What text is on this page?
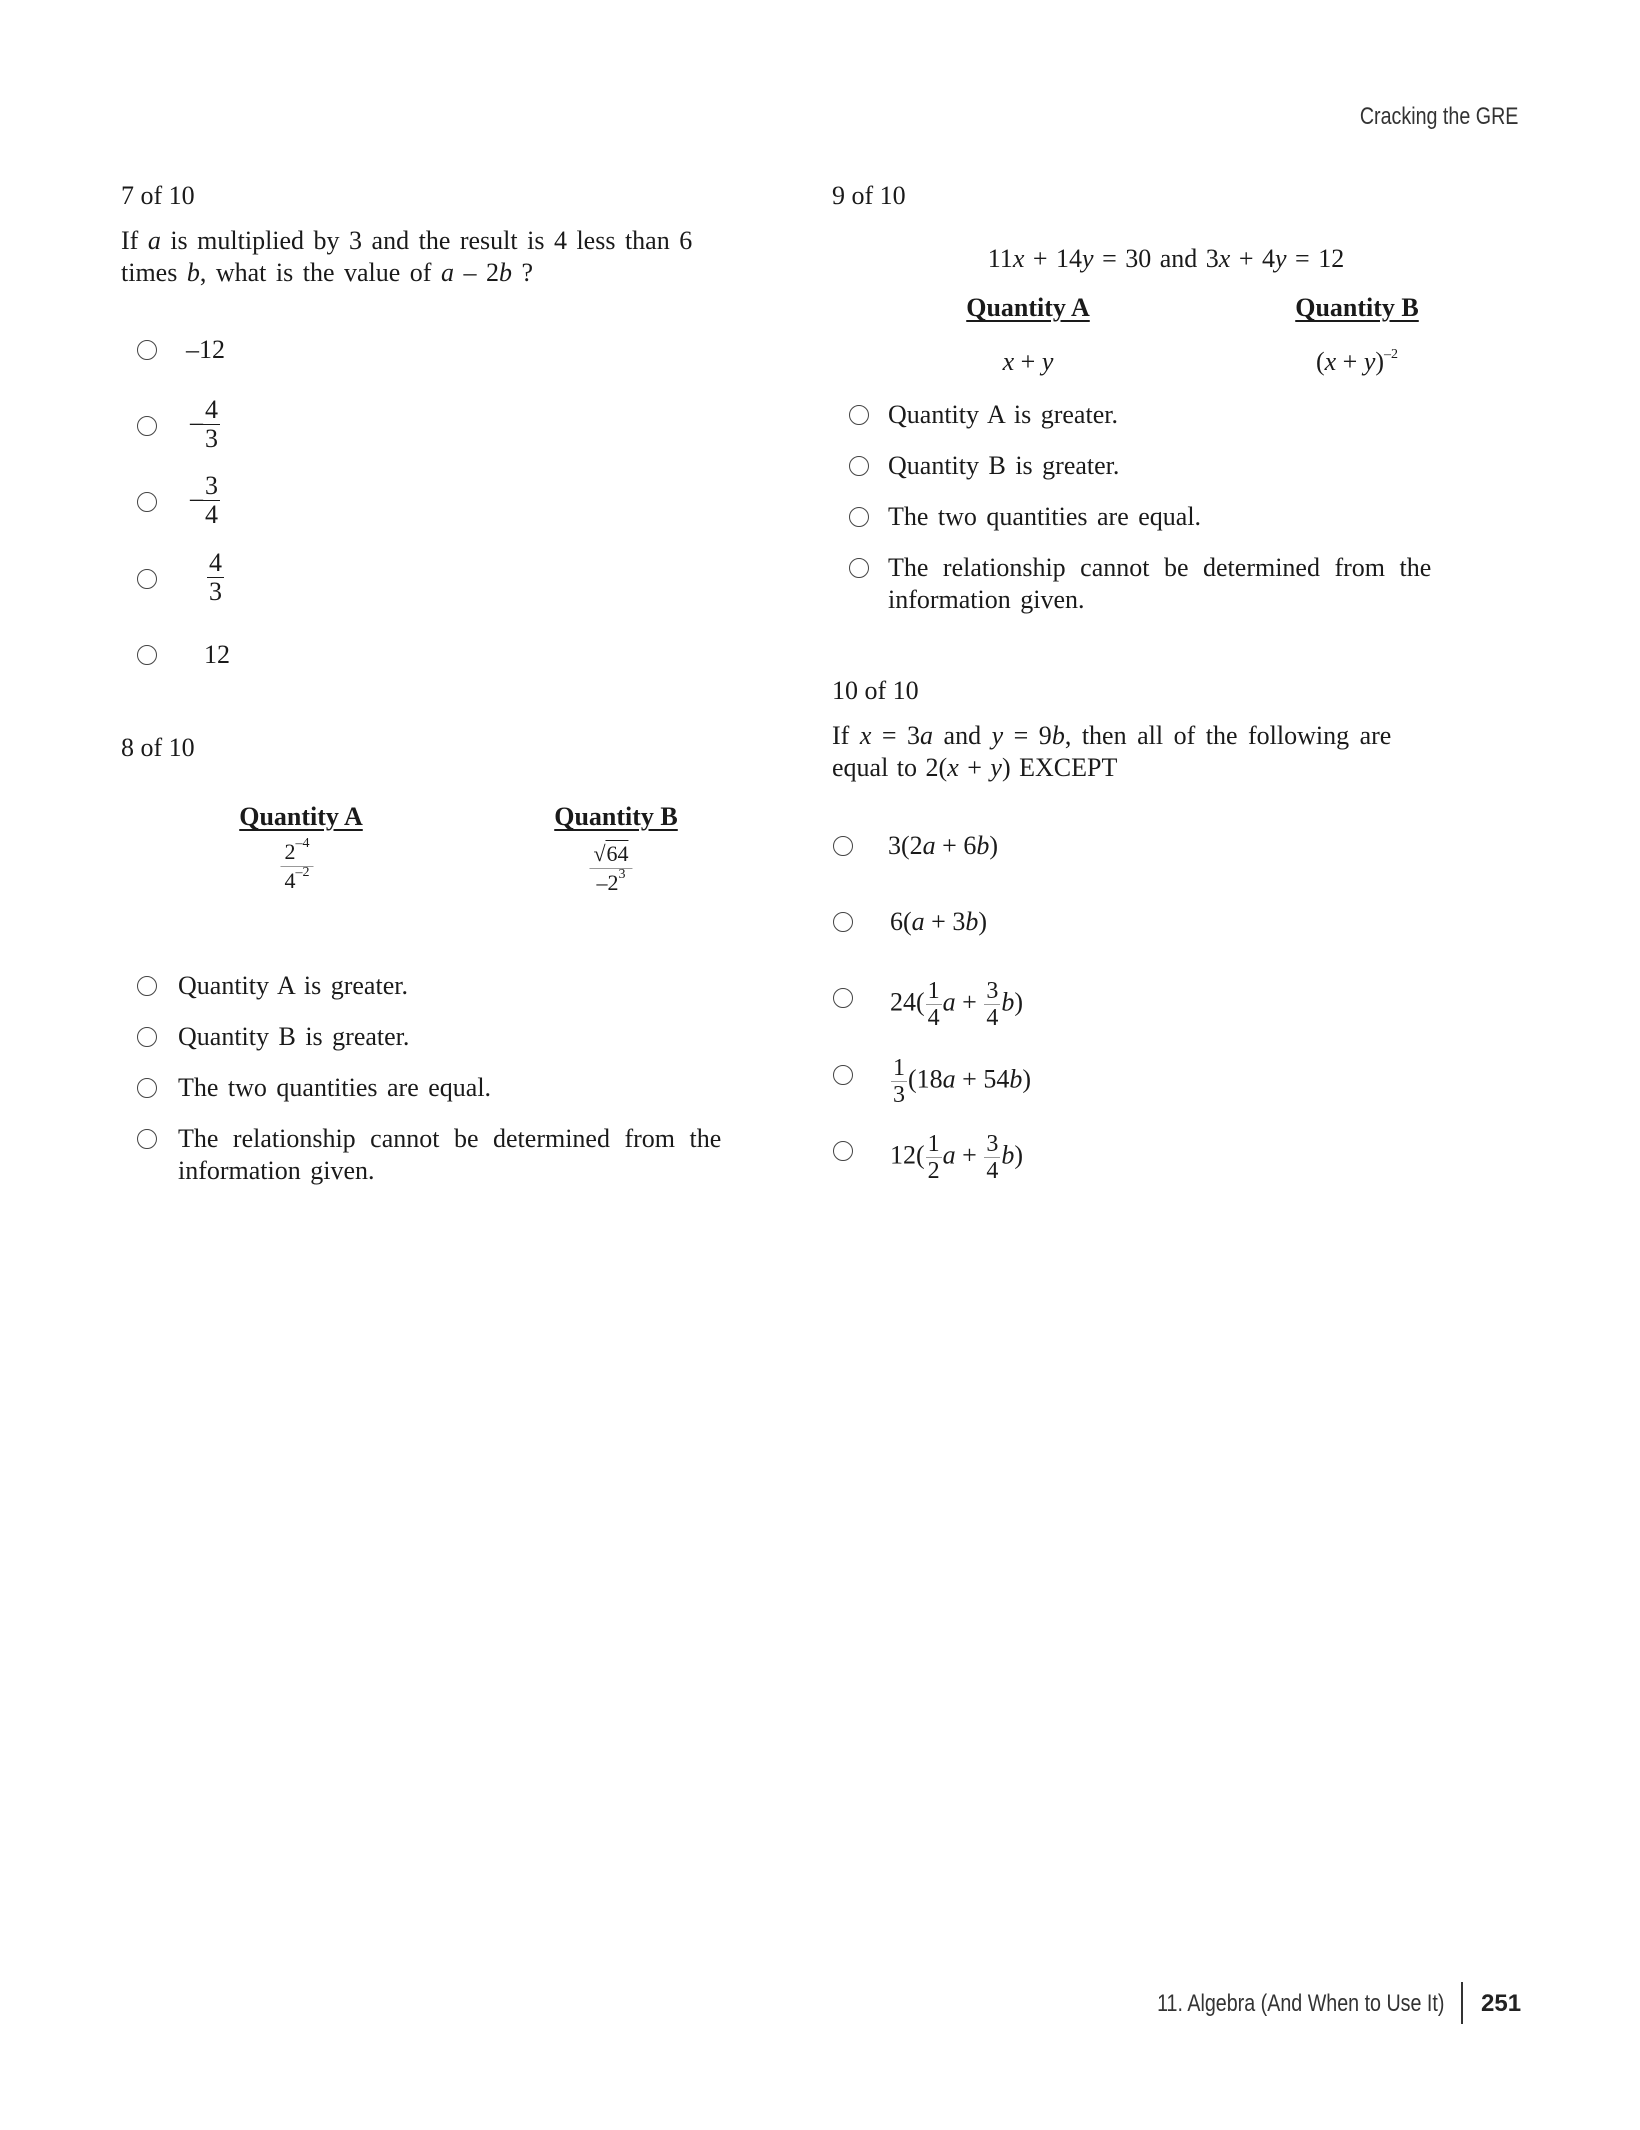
Cracking the GRE
7 of 10
If a is multiplied by 3 and the result is 4 less than 6
times b, what is the value of a – 2b ?
–12
– $\frac{4}{3}$
– $\frac{3}{4}$
$\frac{4}{3}$
12
8 of 10
Quantity A	Quantity B
$\frac{2^{-4}}{4^{-2}}$	$\frac{√64}{-2^3}$
Quantity A is greater.
Quantity B is greater.
The two quantities are equal.
The relationship cannot be determined from the
information given.
9 of 10
11x + 14y = 30 and 3x + 4y = 12
Quantity A	Quantity B
x + y	$(x + y)^{-2}$
Quantity A is greater.
Quantity B is greater.
The two quantities are equal.
The relationship cannot be determined from the
information given.
10 of 10
If x = 3a and y = 9b, then all of the following are
equal to 2(x + y) EXCEPT
3(2a + 6b)
6(a + 3b)
$24( \frac{1}{4}$ $a + \frac{3}{4} b$)
$\frac{1}{3} (18a + 54b)$
$12( \frac{1}{2}$ $a + \frac{3}{4} b$)
11. Algebra (And When to Use It) 251
